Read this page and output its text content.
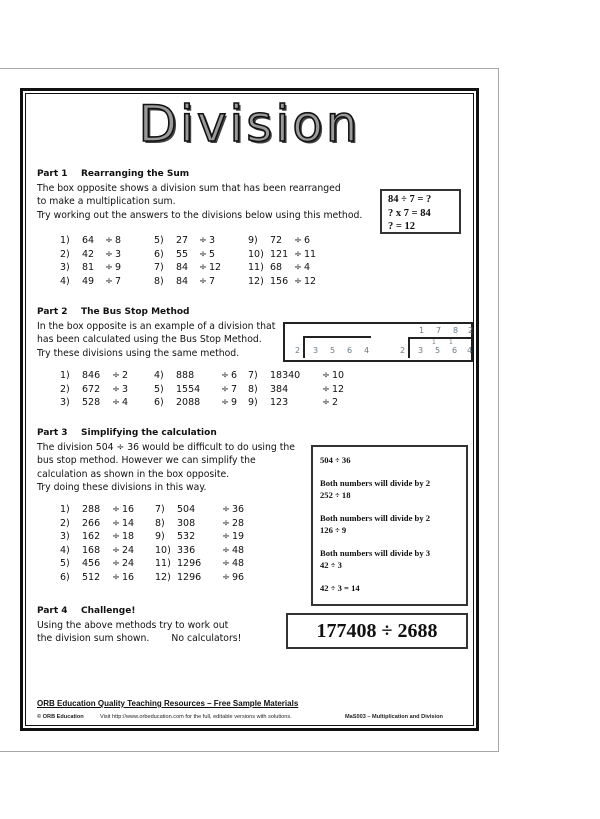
Division
Part 1 Rearranging the Sum
The box opposite shows a division sum that has been rearranged
to make a multiplication sum.
Try working out the answers to the divisions below using this method.
84 ÷ 7 = ?
? x 7 = 84
? = 12
1) 64 ÷ 8	5) 27 ÷ 3	9) 72 ÷ 6
2) 42 ÷ 3	6) 55 ÷ 5	10) 121 ÷ 11
3) 81 ÷ 9	7) 84 ÷ 12	11) 68 ÷ 4
4) 49 ÷ 7	8) 84 ÷ 7	12) 156 ÷ 12
Part 2 The Bus Stop Method
In the box opposite is an example of a division that
has been calculated using the Bus Stop Method.
Try these divisions using the same method.	2 3 5 6 4
1 7 8 2
1 1
2 3 5 6 4
1) 846 ÷ 2	4) 888	÷ 6 7) 18340 ÷ 10
2) 672 ÷ 3	5) 1554 ÷ 7 8) 384	÷ 12
3) 528 ÷ 4	6) 2088 ÷ 9 9) 123	÷ 2
Part 3 Simplifying the calculation
The division 504 ÷ 36 would be difficult to do using the
bus stop method. However we can simplify the
calculation as shown in the box opposite.
Try doing these divisions in this way.
504 ÷ 36
Both numbers will divide by 2
252 ÷ 18
Both numbers will divide by 2
126 ÷ 9
Both numbers will divide by 3
42 ÷ 3
42 ÷ 3 = 14
1) 288 ÷ 16 7) 504	÷ 36
2) 266 ÷ 14 8) 308	÷ 28
3) 162 ÷ 18 9) 532	÷ 19
4) 168 ÷ 24 10) 336	÷ 48
5) 456 ÷ 24 11) 1296 ÷ 48
6) 512 ÷ 16 12) 1296 ÷ 96
Part 4 Challenge!
Using the above methods try to work out
the division sum shown. No calculators!	177408 ÷ 2688
ORB Education Quality Teaching Resources – Free Sample Materials
© ORB Education	Visit http://www.orbeducation.com for the full, editable versions with solutions.	MaS003 – Multiplication and Division
